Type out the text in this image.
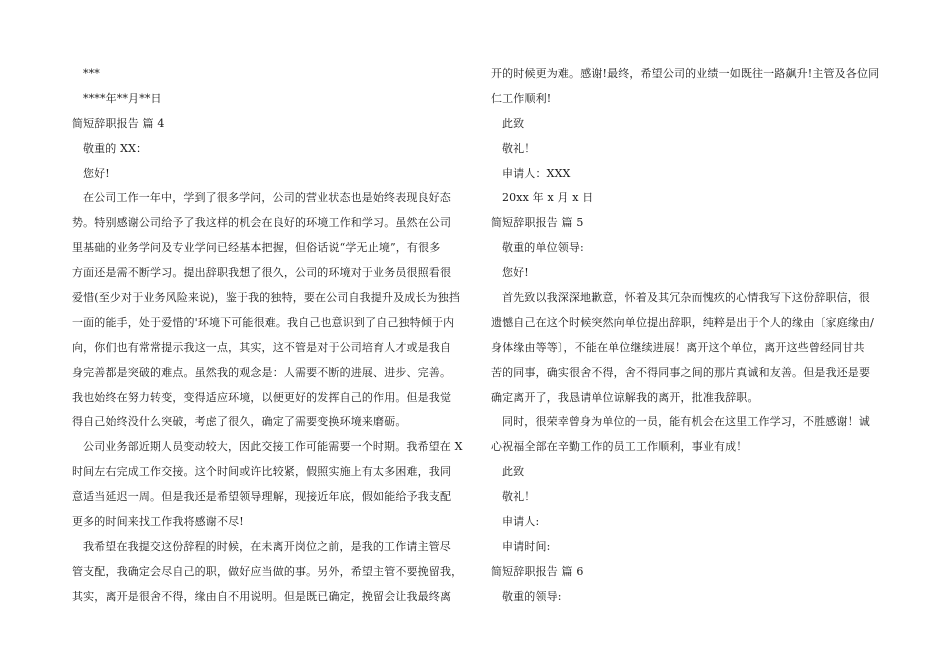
***
****年**月**日
简短辞职报告 篇 4
敬重的 XX：
您好!
在公司工作一年中，学到了很多学问，公司的营业状态也是始终表现良好态
势。特别感谢公司给予了我这样的机会在良好的环境工作和学习。虽然在公司
里基础的业务学问及专业学问已经基本把握，但俗话说“学无止境”，有很多
方面还是需不断学习。提出辞职我想了很久，公司的环境对于业务员很照看很
爱惜(至少对于业务风险来说)，鉴于我的独特，要在公司自我提升及成长为独挡
一面的能手，处于爱惜的'环境下可能很难。我自己也意识到了自己独特倾于内
向，你们也有常常提示我这一点，其实，这不管是对于公司培育人才或是我自
身完善都是突破的难点。虽然我的观念是：人需要不断的进展、进步、完善。
我也始终在努力转变，变得适应环境，以便更好的发挥自己的作用。但是我觉
得自己始终没什么突破，考虑了很久，确定了需要变换环境来磨砺。
公司业务部近期人员变动较大，因此交接工作可能需要一个时期。我希望在 X
时间左右完成工作交接。这个时间或许比较紧，假照实施上有太多困难，我同
意适当延迟一周。但是我还是希望领导理解，现接近年底，假如能给予我支配
更多的时间来找工作我将感谢不尽!
我希望在我提交这份辞程的时候，在未离开岗位之前，是我的工作请主管尽
管支配，我确定会尽自己的职，做好应当做的事。另外，希望主管不要挽留我，
其实，离开是很舍不得，缘由自不用说明。但是既已确定，挽留会让我最终离
开的时候更为难。感谢!最终，希望公司的业绩一如既往一路飙升!主管及各位同
仁工作顺利!
此致
敬礼！
申请人：XXX
20xx 年 x 月 x 日
简短辞职报告 篇 5
敬重的单位领导:
您好!
首先致以我深深地歉意，怀着及其冗杂而愧疚的心情我写下这份辞职信，很
遗憾自己在这个时候突然向单位提出辞职，纯粹是出于个人的缘由〔家庭缘由/
身体缘由等等〕，不能在单位继续进展！离开这个单位，离开这些曾经同甘共
苦的同事，确实很舍不得，舍不得同事之间的那片真诚和友善。但是我还是要
确定离开了，我恳请单位谅解我的离开，批准我辞职。
同时，很荣幸曾身为单位的一员，能有机会在这里工作学习，不胜感谢！诚
心祝福全部在辛勤工作的员工工作顺利，事业有成！
此致
敬礼！
申请人:
申请时间:
简短辞职报告 篇 6
敬重的领导:
